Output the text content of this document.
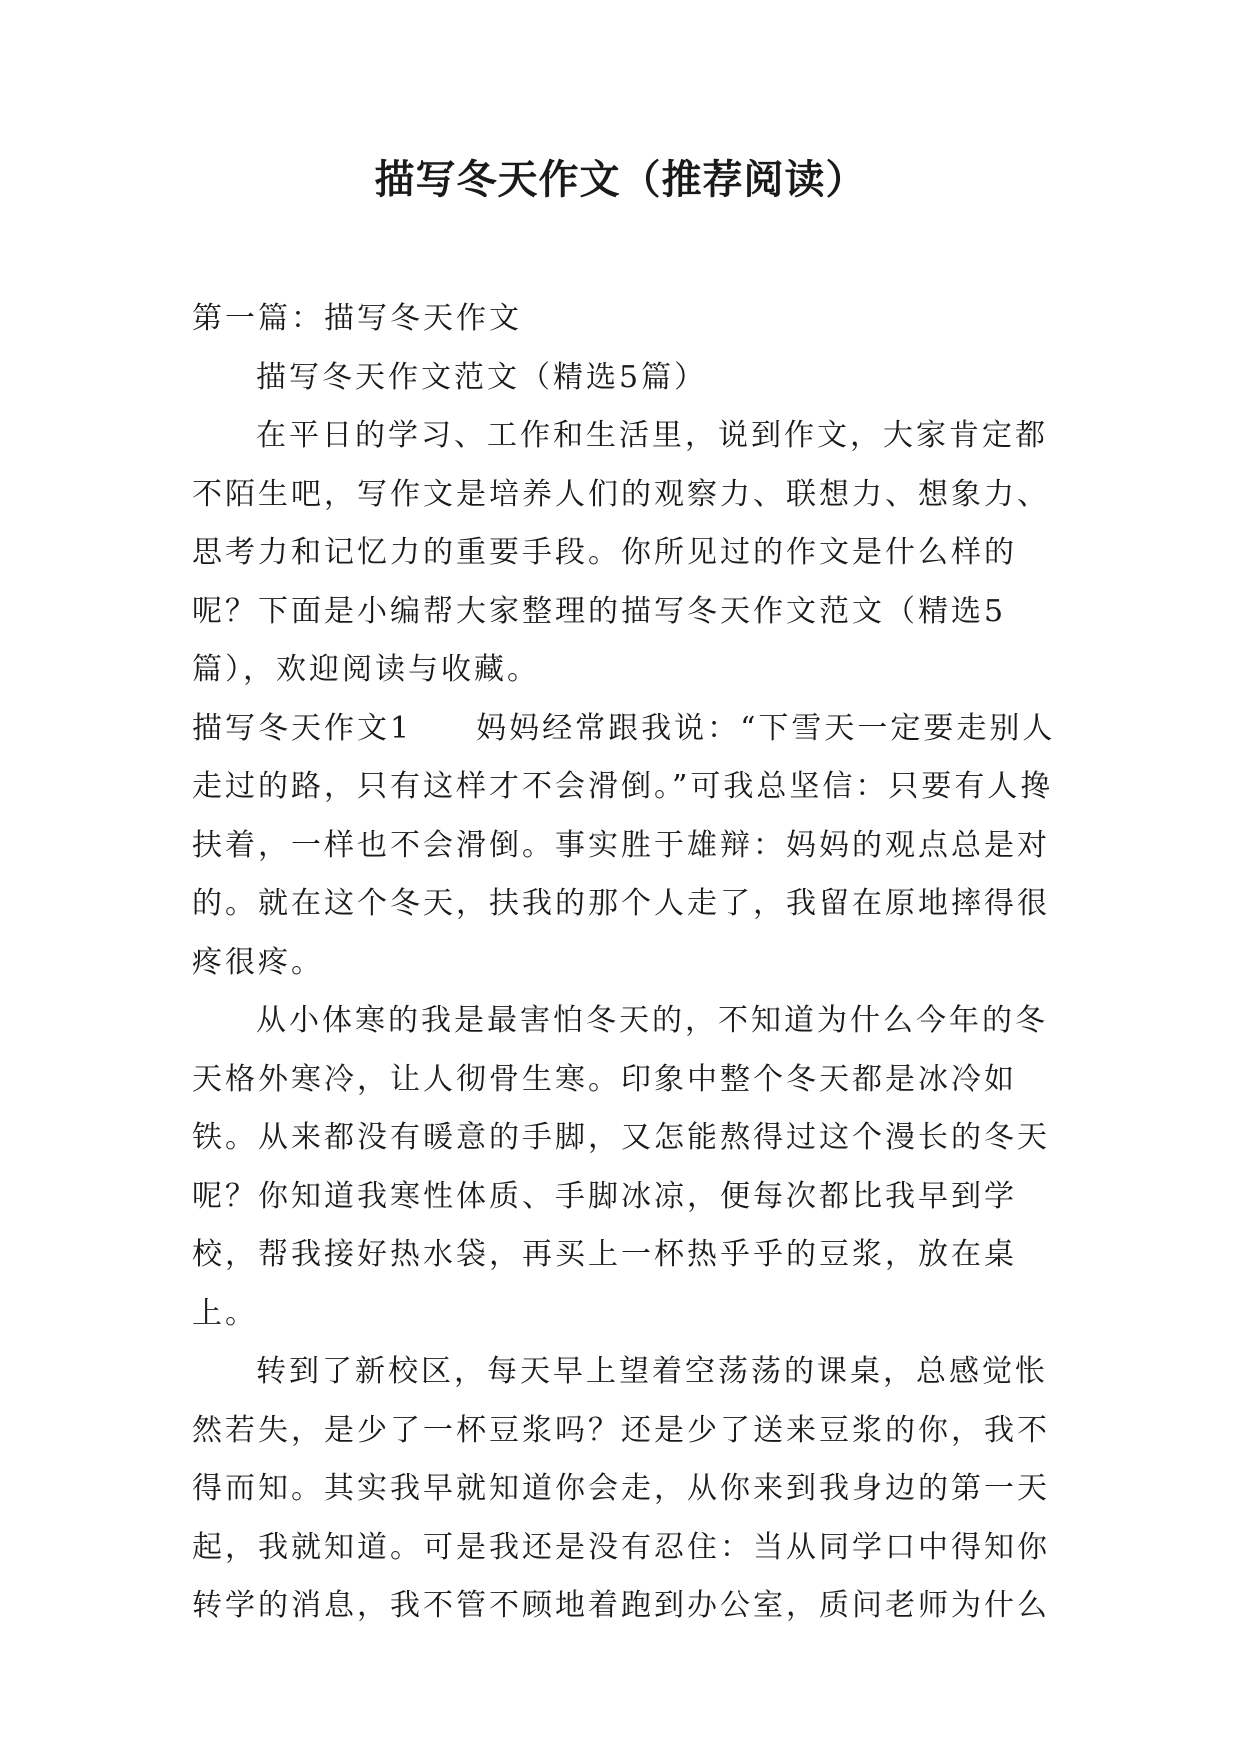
描写冬天作文（推荐阅读）

第一篇：描写冬天作文

描写冬天作文范文（精选5篇）

在平日的学习、工作和生活里，说到作文，大家肯定都不陌生吧，写作文是培养人们的观察力、联想力、想象力、思考力和记忆力的重要手段。你所见过的作文是什么样的呢？下面是小编帮大家整理的描写冬天作文范文（精选5篇），欢迎阅读与收藏。

描写冬天作文1 妈妈经常跟我说：“下雪天一定要走别人走过的路，只有这样才不会滑倒。”可我总坚信：只要有人搀扶着，一样也不会滑倒。事实胜于雄辩：妈妈的观点总是对的。就在这个冬天，扶我的那个人走了，我留在原地摔得很疼很疼。

从小体寒的我是最害怕冬天的，不知道为什么今年的冬天格外寒冷，让人彻骨生寒。印象中整个冬天都是冰冷如铁。从来都没有暖意的手脚，又怎能熬得过这个漫长的冬天呢？你知道我寒性体质、手脚冰凉，便每次都比我早到学校，帮我接好热水袋，再买上一杯热乎乎的豆浆，放在桌上。

转到了新校区，每天早上望着空荡荡的课桌，总感觉怅然若失，是少了一杯豆浆吗？还是少了送来豆浆的你，我不得而知。其实我早就知道你会走，从你来到我身边的第一天起，我就知道。可是我还是没有忍住：当从同学口中得知你转学的消息，我不管不顾地着跑到办公室，质问老师为什么
